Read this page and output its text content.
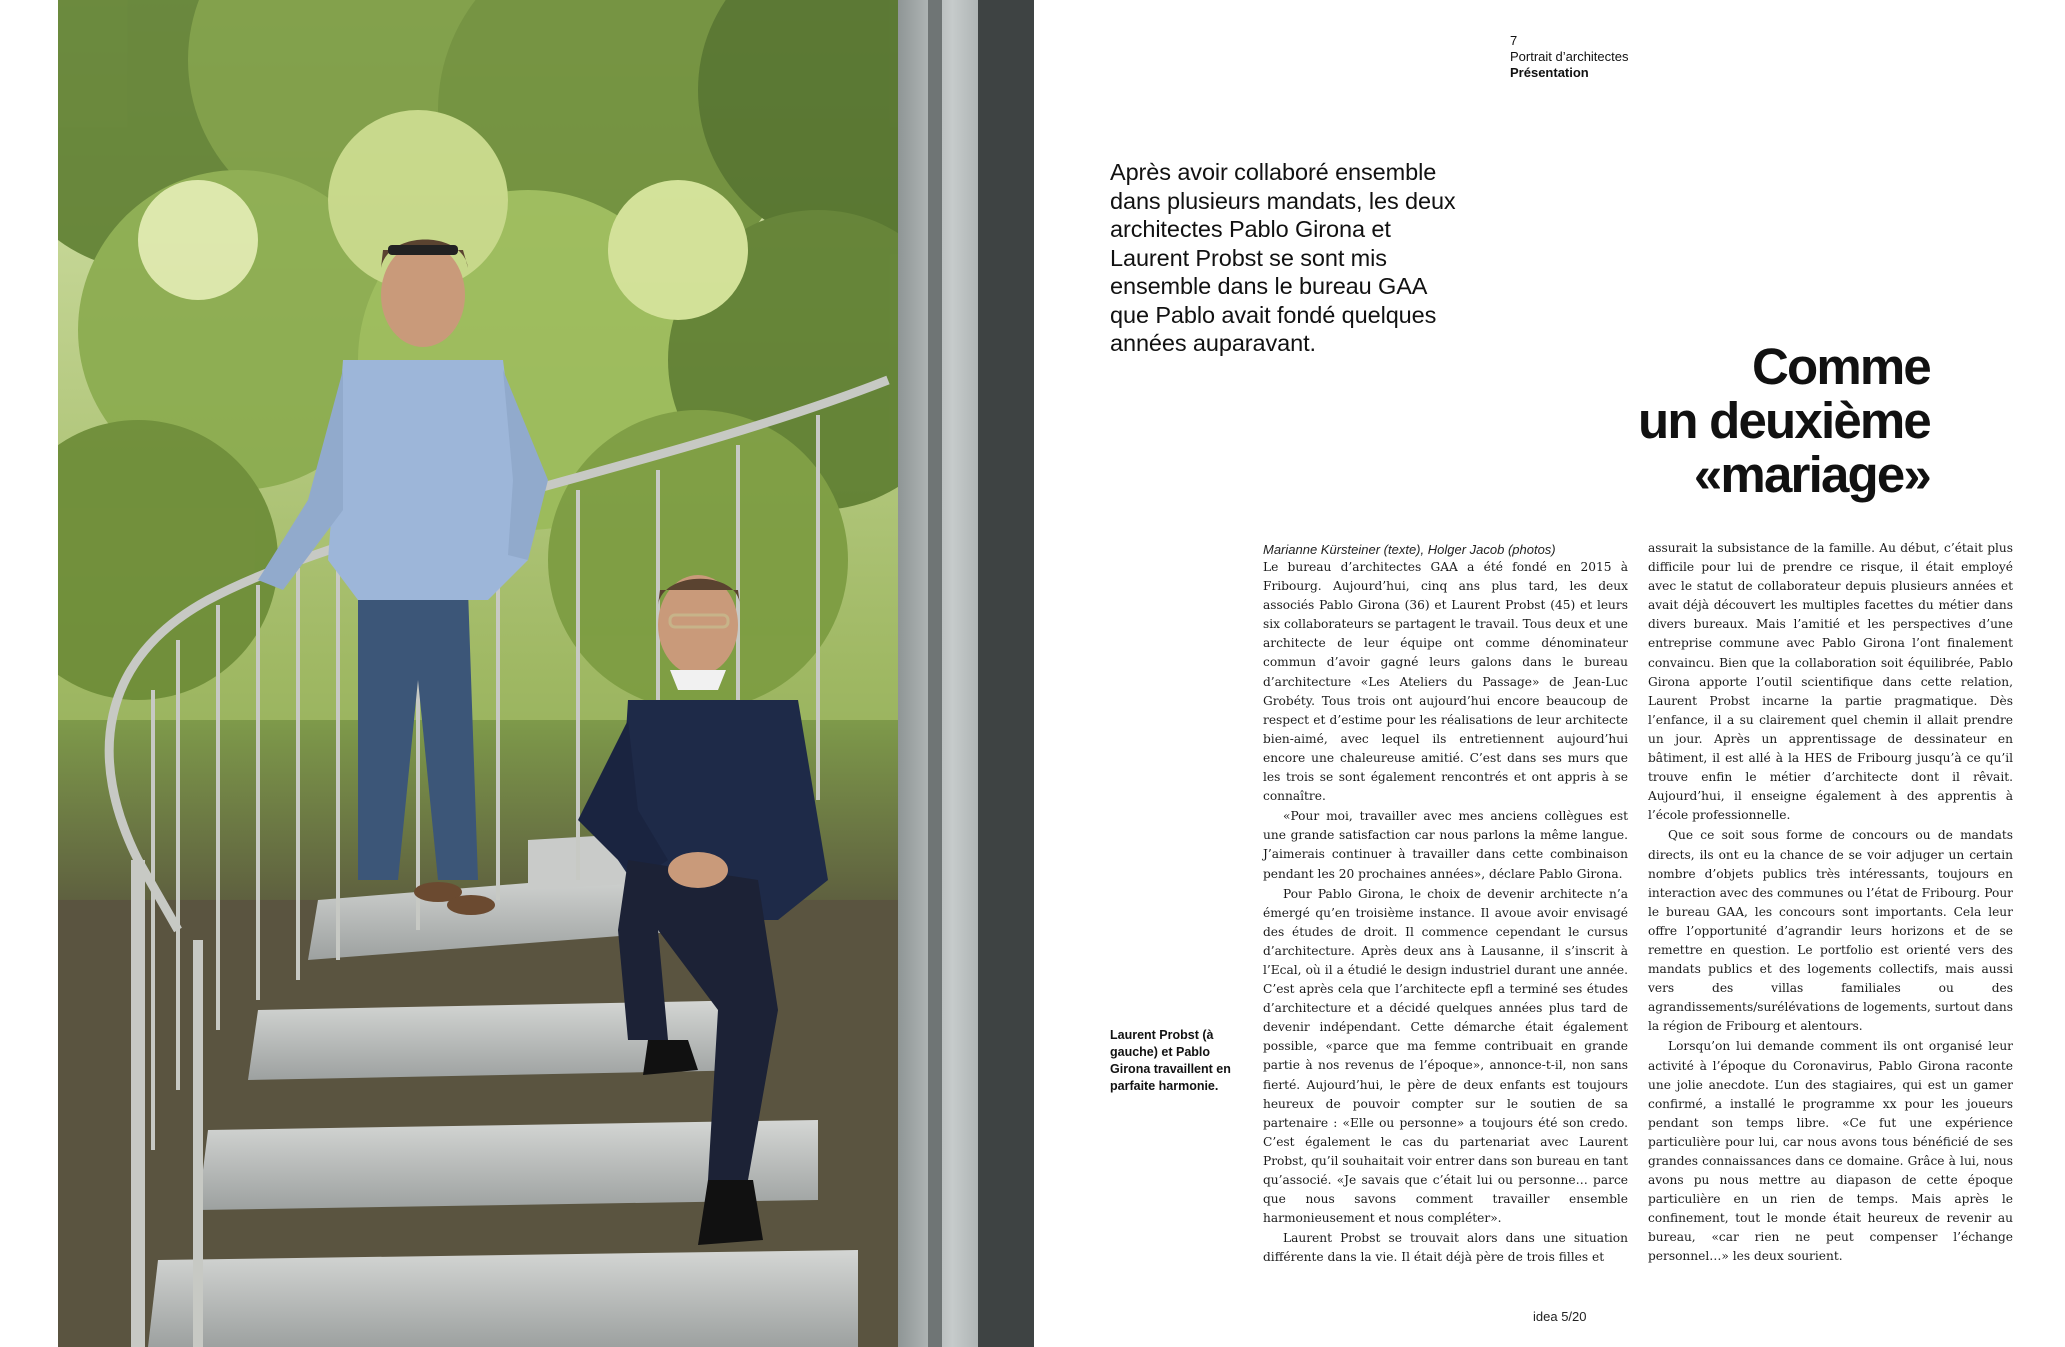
7
Portrait d’architectes
Présentation

Après avoir collaboré ensemble dans plusieurs mandats, les deux architectes Pablo Girona et Laurent Probst se sont mis ensemble dans le bureau GAA que Pablo avait fondé quelques années auparavant.	Comme
un deuxième
«mariage»
Marianne Kürsteiner (texte), Holger Jacob (photos)

Le bureau d’architectes GAA a été fondé en 2015 à Fribourg. Aujourd’hui, cinq ans plus tard, les deux associés Pablo Girona (36) et Laurent Probst (45) et leurs six collaborateurs se partagent le travail. Tous deux et une architecte de leur équipe ont comme dénominateur commun d’avoir gagné leurs galons dans le bureau d’architecture «Les Ateliers du Passage» de Jean-Luc Grobéty. Tous trois ont aujourd’hui encore beaucoup de respect et d’estime pour les réalisations de leur architecte bien-aimé, avec lequel ils entretiennent aujourd’hui encore une chaleureuse amitié. C’est dans ses murs que les trois se sont également rencontrés et ont appris à se connaître.

«Pour moi, travailler avec mes anciens collègues est une grande satisfaction car nous parlons la même langue. J’aimerais continuer à travailler dans cette combinaison pendant les 20 prochaines années», déclare Pablo Girona.

Pour Pablo Girona, le choix de devenir architecte n’a émergé qu’en troisième instance. Il avoue avoir envisagé des études de droit. Il commence cependant le cursus d’architecture. Après deux ans à Lausanne, il s’inscrit à l’Ecal, où il a étudié le design industriel durant une année. C’est après cela que l’architecte epfl a terminé ses études d’architecture et a décidé quelques années plus tard de devenir indépendant. Cette démarche était également possible, «parce que ma femme contribuait en grande partie à nos revenus de l’époque», annonce-t-il, non sans fierté. Aujourd’hui, le père de deux enfants est toujours heureux de pouvoir compter sur le soutien de sa partenaire : «Elle ou personne» a toujours été son credo. C’est également le cas du partenariat avec Laurent Probst, qu’il souhaitait voir entrer dans son bureau en tant qu’associé. «Je savais que c’était lui ou personne… parce que nous savons comment travailler ensemble harmonieusement et nous compléter».

Laurent Probst se trouvait alors dans une situation différente dans la vie. Il était déjà père de trois filles et

assurait la subsistance de la famille. Au début, c’était plus difficile pour lui de prendre ce risque, il était employé avec le statut de collaborateur depuis plusieurs années et avait déjà découvert les multiples facettes du métier dans divers bureaux. Mais l’amitié et les perspectives d’une entreprise commune avec Pablo Girona l’ont finalement convaincu. Bien que la collaboration soit équilibrée, Pablo Girona apporte l’outil scientifique dans cette relation, Laurent Probst incarne la partie pragmatique. Dès l’enfance, il a su clairement quel chemin il allait prendre un jour. Après un apprentissage de dessinateur en bâtiment, il est allé à la HES de Fribourg jusqu’à ce qu’il trouve enfin le métier d’architecte dont il rêvait. Aujourd’hui, il enseigne également à des apprentis à l’école professionnelle.

Que ce soit sous forme de concours ou de mandats directs, ils ont eu la chance de se voir adjuger un certain nombre d’objets publics très intéressants, toujours en interaction avec des communes ou l’état de Fribourg. Pour le bureau GAA, les concours sont importants. Cela leur offre l’opportunité d’agrandir leurs horizons et de se remettre en question. Le portfolio est orienté vers des mandats publics et des logements collectifs, mais aussi vers des villas familiales ou des agrandissements/surélévations de logements, surtout dans la région de Fribourg et alentours.

Lorsqu’on lui demande comment ils ont organisé leur activité à l’époque du Coronavirus, Pablo Girona raconte une jolie anecdote. L’un des stagiaires, qui est un gamer confirmé, a installé le programme xx pour les joueurs pendant son temps libre. «Ce fut une expérience particulière pour lui, car nous avons tous bénéficié de ses grandes connaissances dans ce domaine. Grâce à lui, nous avons pu nous mettre au diapason de cette époque particulière en un rien de temps. Mais après le confinement, tout le monde était heureux de revenir au bureau, «car rien ne peut compenser l’échange personnel…» les deux sourient.

Laurent Probst (à gauche) et Pablo Girona travaillent en parfaite harmonie.

idea 5/20
